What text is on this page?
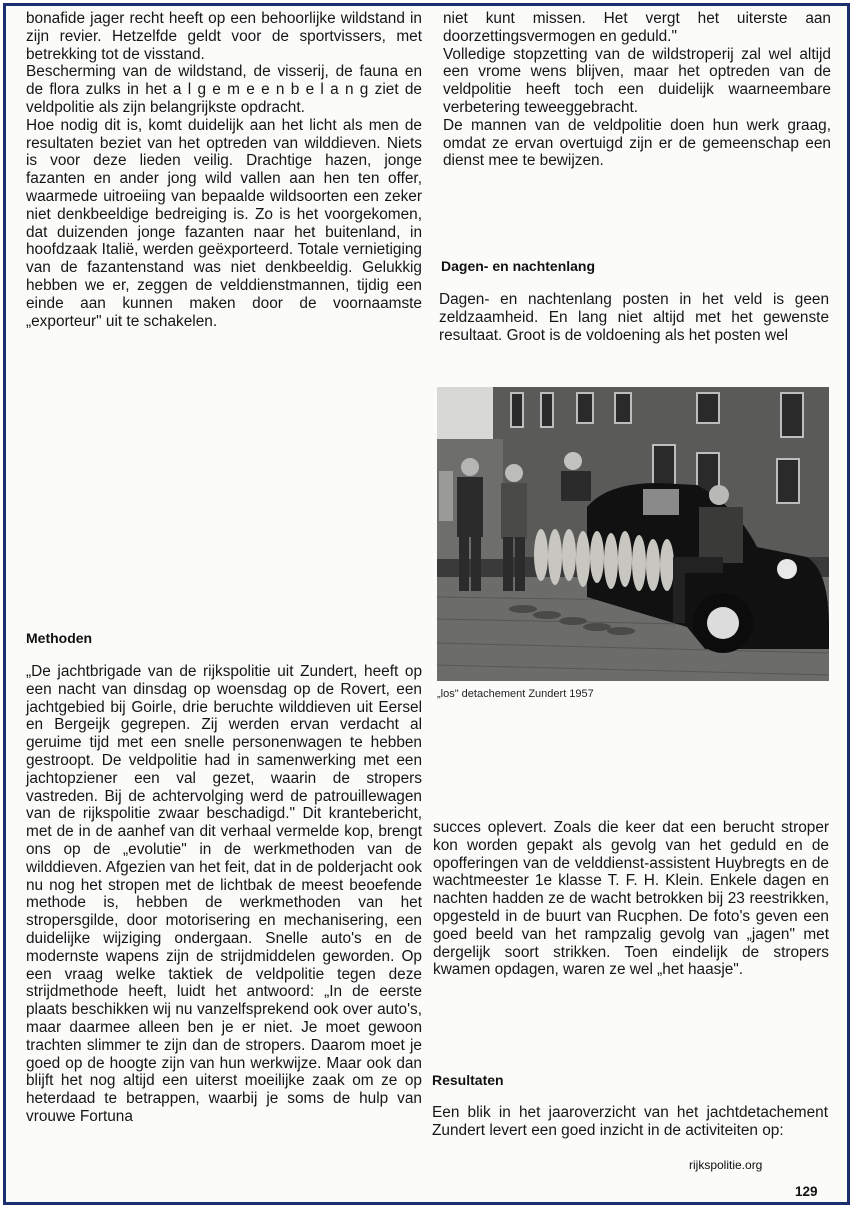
bonafide jager recht heeft op een behoorlijke wildstand in zijn revier. Hetzelfde geldt voor de sportvissers, met betrekking tot de visstand.
Bescherming van de wildstand, de visserij, de fauna en de flora zulks in het a l g e m e e n b e l a n g ziet de veldpolitie als zijn belangrijkste opdracht.
Hoe nodig dit is, komt duidelijk aan het licht als men de resultaten beziet van het optreden van wilddieven. Niets is voor deze lieden veilig. Drachtige hazen, jonge fazanten en ander jong wild vallen aan hen ten offer, waarmede uitroeiing van bepaalde wildsoorten een zeker niet denkbeeldige bedreiging is. Zo is het voorgekomen, dat duizenden jonge fazanten naar het buitenland, in hoofdzaak Italië, werden geëxporteerd. Totale vernietiging van de fazantenstand was niet denkbeeldig. Gelukkig hebben we er, zeggen de velddienstmannen, tijdig een einde aan kunnen maken door de voornaamste „exporteur" uit te schakelen.
niet kunt missen. Het vergt het uiterste aan doorzettingsvermogen en geduld."
Volledige stopzetting van de wildstroperij zal wel altijd een vrome wens blijven, maar het optreden van de veldpolitie heeft toch een duidelijk waarneembare verbetering teweeggebracht.
De mannen van de veldpolitie doen hun werk graag, omdat ze ervan overtuigd zijn er de gemeenschap een dienst mee te bewijzen.
Dagen- en nachtenlang
Dagen- en nachtenlang posten in het veld is geen zeldzaamheid. En lang niet altijd met het gewenste resultaat. Groot is de voldoening als het posten wel
„los" detachement Zundert 1957
Methoden
„De jachtbrigade van de rijkspolitie uit Zundert, heeft op een nacht van dinsdag op woensdag op de Rovert, een jachtgebied bij Goirle, drie beruchte wilddieven uit Eersel en Bergeijk gegrepen. Zij werden ervan verdacht al geruime tijd met een snelle personenwagen te hebben gestroopt. De veldpolitie had in samenwerking met een jachtopziener een val gezet, waarin de stropers vastreden. Bij de achtervolging werd de patrouillewagen van de rijkspolitie zwaar beschadigd." Dit krantebericht, met de in de aanhef van dit verhaal vermelde kop, brengt ons op de „evolutie" in de werkmethoden van de wilddieven. Afgezien van het feit, dat in de polderjacht ook nu nog het stropen met de lichtbak de meest beoefende methode is, hebben de werkmethoden van het stropersgilde, door motorisering en mechanisering, een duidelijke wijziging ondergaan. Snelle auto's en de modernste wapens zijn de strijdmiddelen geworden. Op een vraag welke taktiek de veldpolitie tegen deze strijdmethode heeft, luidt het antwoord: „In de eerste plaats beschikken wij nu vanzelfsprekend ook over auto's, maar daarmee alleen ben je er niet. Je moet gewoon trachten slimmer te zijn dan de stropers. Daarom moet je goed op de hoogte zijn van hun werkwijze. Maar ook dan blijft het nog altijd een uiterst moeilijke zaak om ze op heterdaad te betrappen, waarbij je soms de hulp van vrouwe Fortuna
succes oplevert. Zoals die keer dat een berucht stroper kon worden gepakt als gevolg van het geduld en de opofferingen van de velddienst-assistent Huybregts en de wachtmeester 1e klasse T. F. H. Klein. Enkele dagen en nachten hadden ze de wacht betrokken bij 23 reestrikken, opgesteld in de buurt van Rucphen. De foto's geven een goed beeld van het rampzalig gevolg van „jagen" met dergelijk soort strikken. Toen eindelijk de stropers kwamen opdagen, waren ze wel „het haasje".
Resultaten
Een blik in het jaaroverzicht van het jachtdetachement Zundert levert een goed inzicht in de activiteiten op:
rijkspolitie.org
129
